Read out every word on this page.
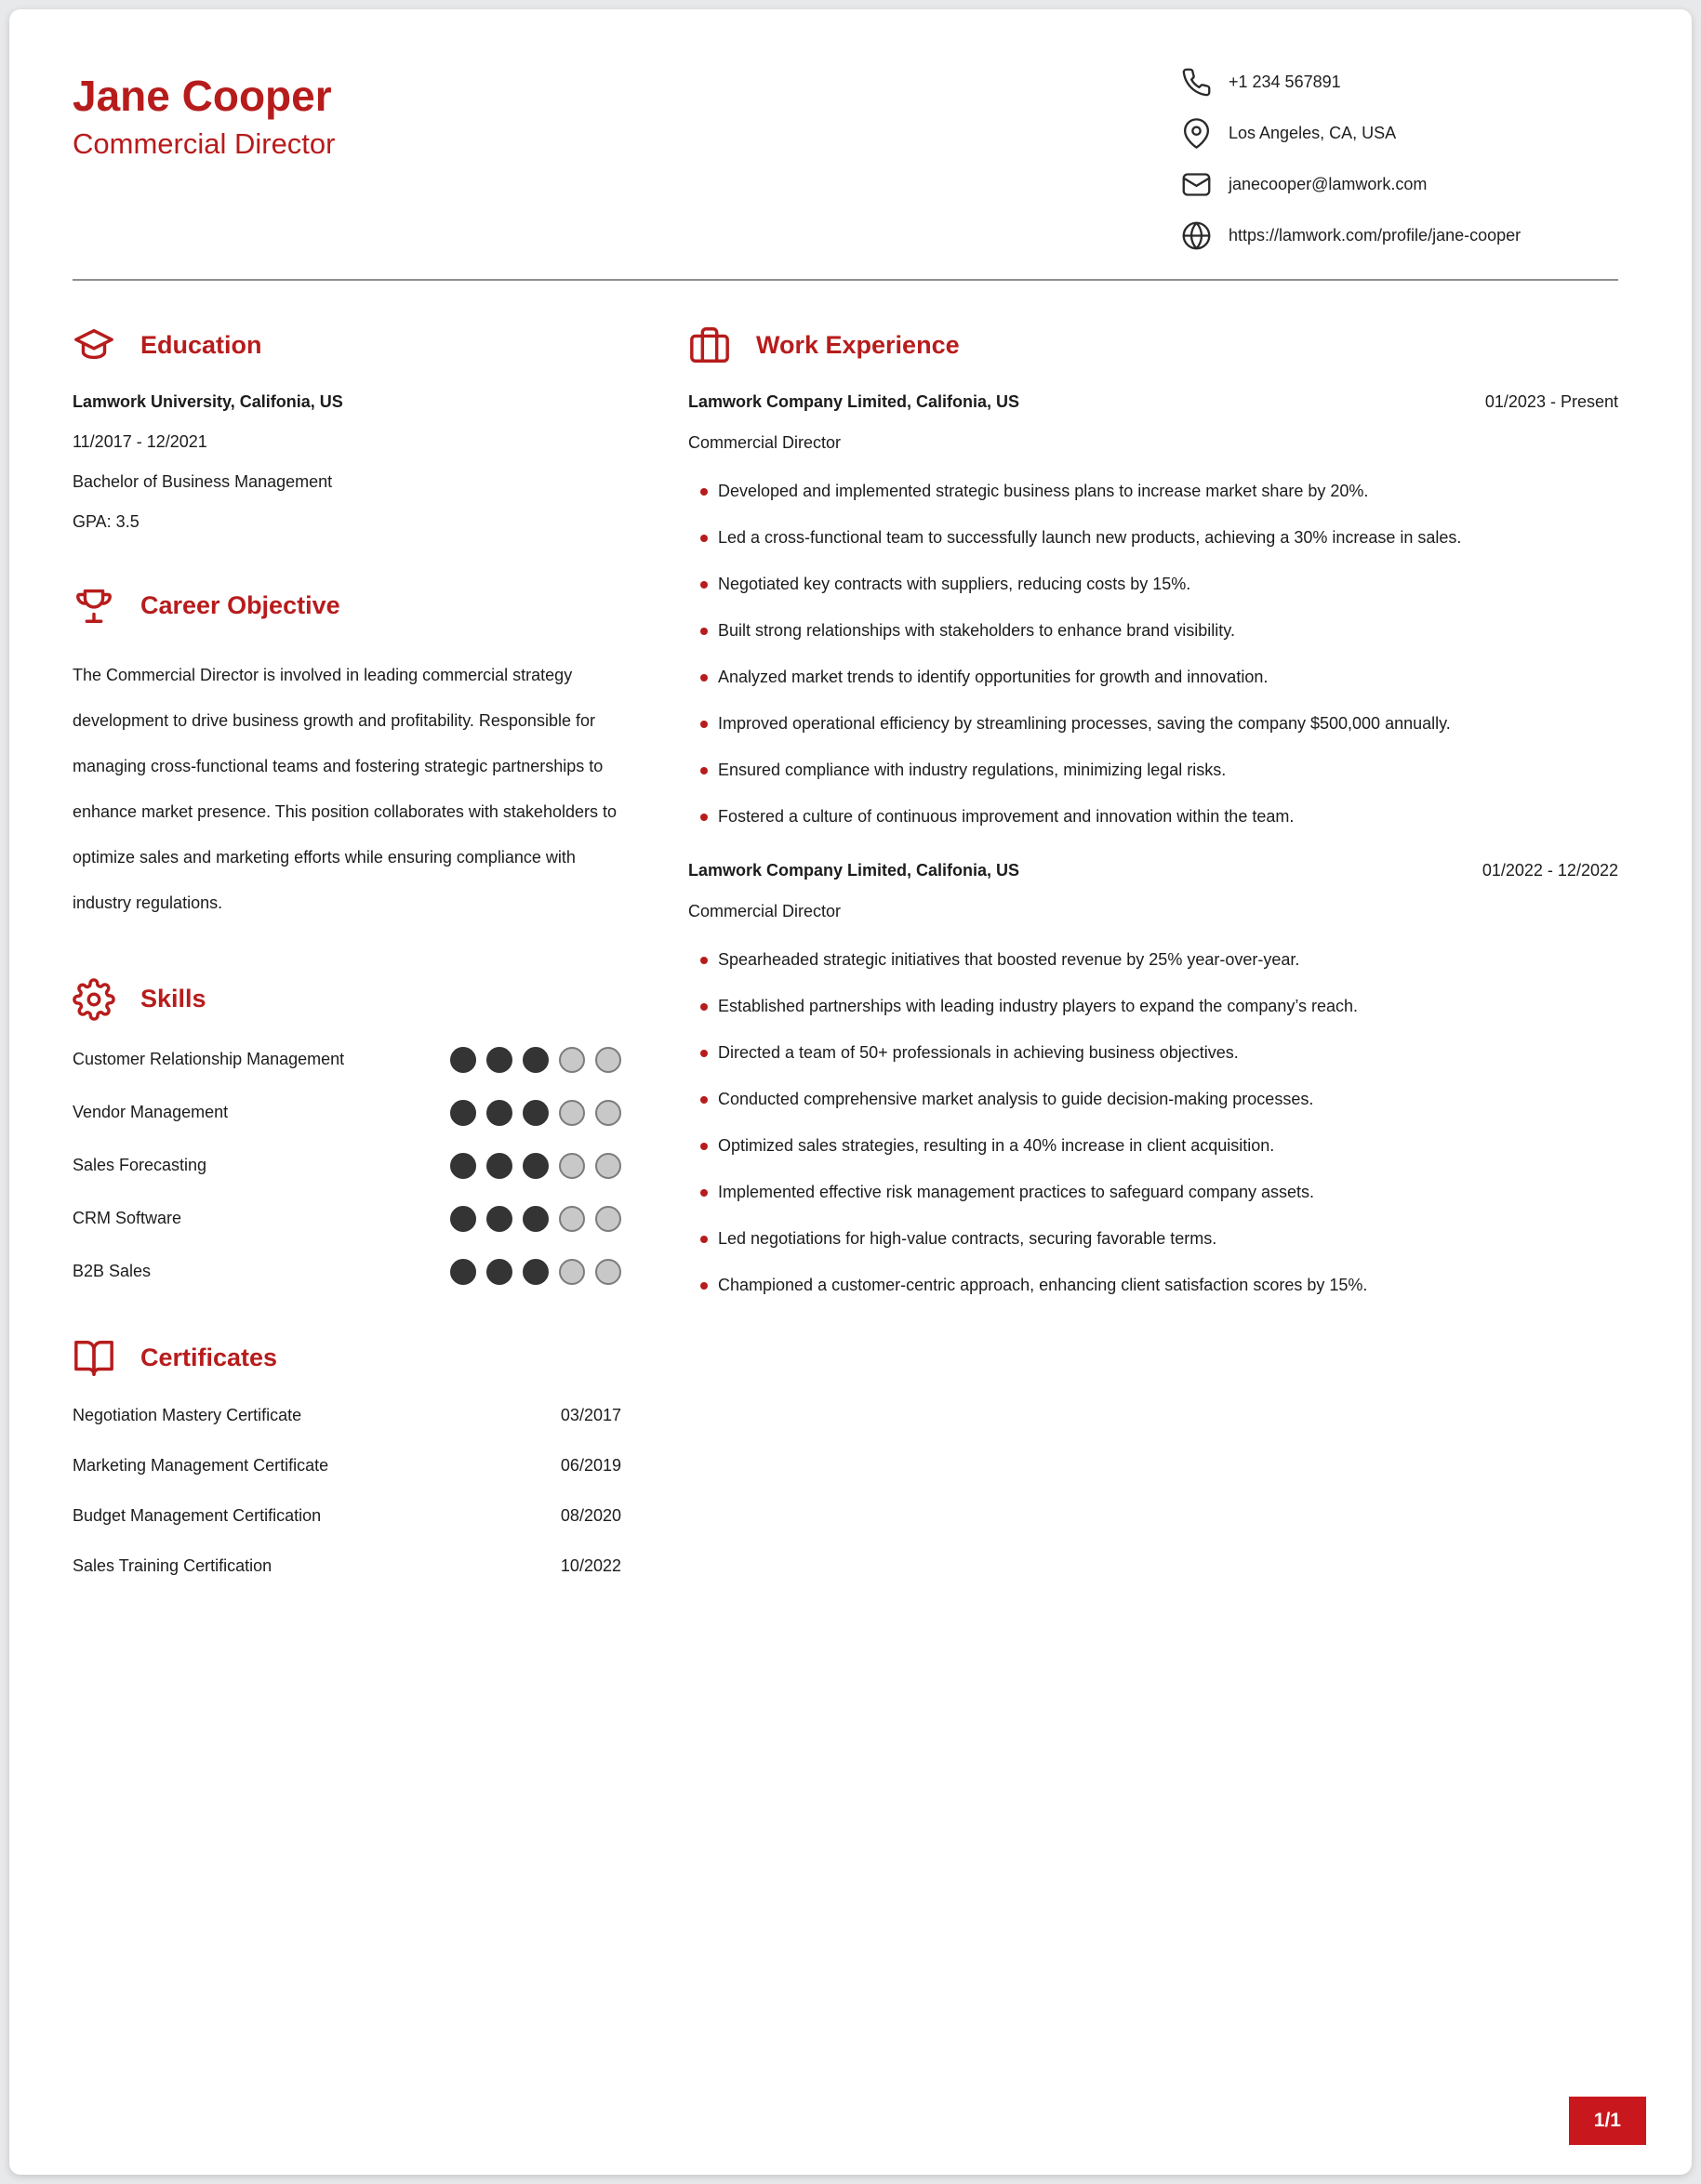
Jane Cooper
Commercial Director
+1 234 567891
Los Angeles, CA, USA
janecooper@lamwork.com
https://lamwork.com/profile/jane-cooper
Education

Lamwork University, Califonia, US

11/2017 - 12/2021

Bachelor of Business Management

GPA: 3.5

Career Objective

The Commercial Director is involved in leading commercial strategy development to drive business growth and profitability. Responsible for managing cross-functional teams and fostering strategic partnerships to enhance market presence. This position collaborates with stakeholders to optimize sales and marketing efforts while ensuring compliance with industry regulations.

Skills
Customer Relationship Management
Vendor Management
Sales Forecasting
CRM Software
B2B Sales
Certificates
Negotiation Mastery Certificate	03/2017
Marketing Management Certificate	06/2019
Budget Management Certification	08/2020
Sales Training Certification	10/2022
Work Experience
Lamwork Company Limited, Califonia, US	01/2023 - Present
Commercial Director
Developed and implemented strategic business plans to increase market share by 20%.
Led a cross-functional team to successfully launch new products, achieving a 30% increase in sales.
Negotiated key contracts with suppliers, reducing costs by 15%.
Built strong relationships with stakeholders to enhance brand visibility.
Analyzed market trends to identify opportunities for growth and innovation.
Improved operational efficiency by streamlining processes, saving the company $500,000 annually.
Ensured compliance with industry regulations, minimizing legal risks.
Fostered a culture of continuous improvement and innovation within the team.
Lamwork Company Limited, Califonia, US	01/2022 - 12/2022
Commercial Director
Spearheaded strategic initiatives that boosted revenue by 25% year-over-year.
Established partnerships with leading industry players to expand the company’s reach.
Directed a team of 50+ professionals in achieving business objectives.
Conducted comprehensive market analysis to guide decision-making processes.
Optimized sales strategies, resulting in a 40% increase in client acquisition.
Implemented effective risk management practices to safeguard company assets.
Led negotiations for high-value contracts, securing favorable terms.
Championed a customer-centric approach, enhancing client satisfaction scores by 15%.
1/1
